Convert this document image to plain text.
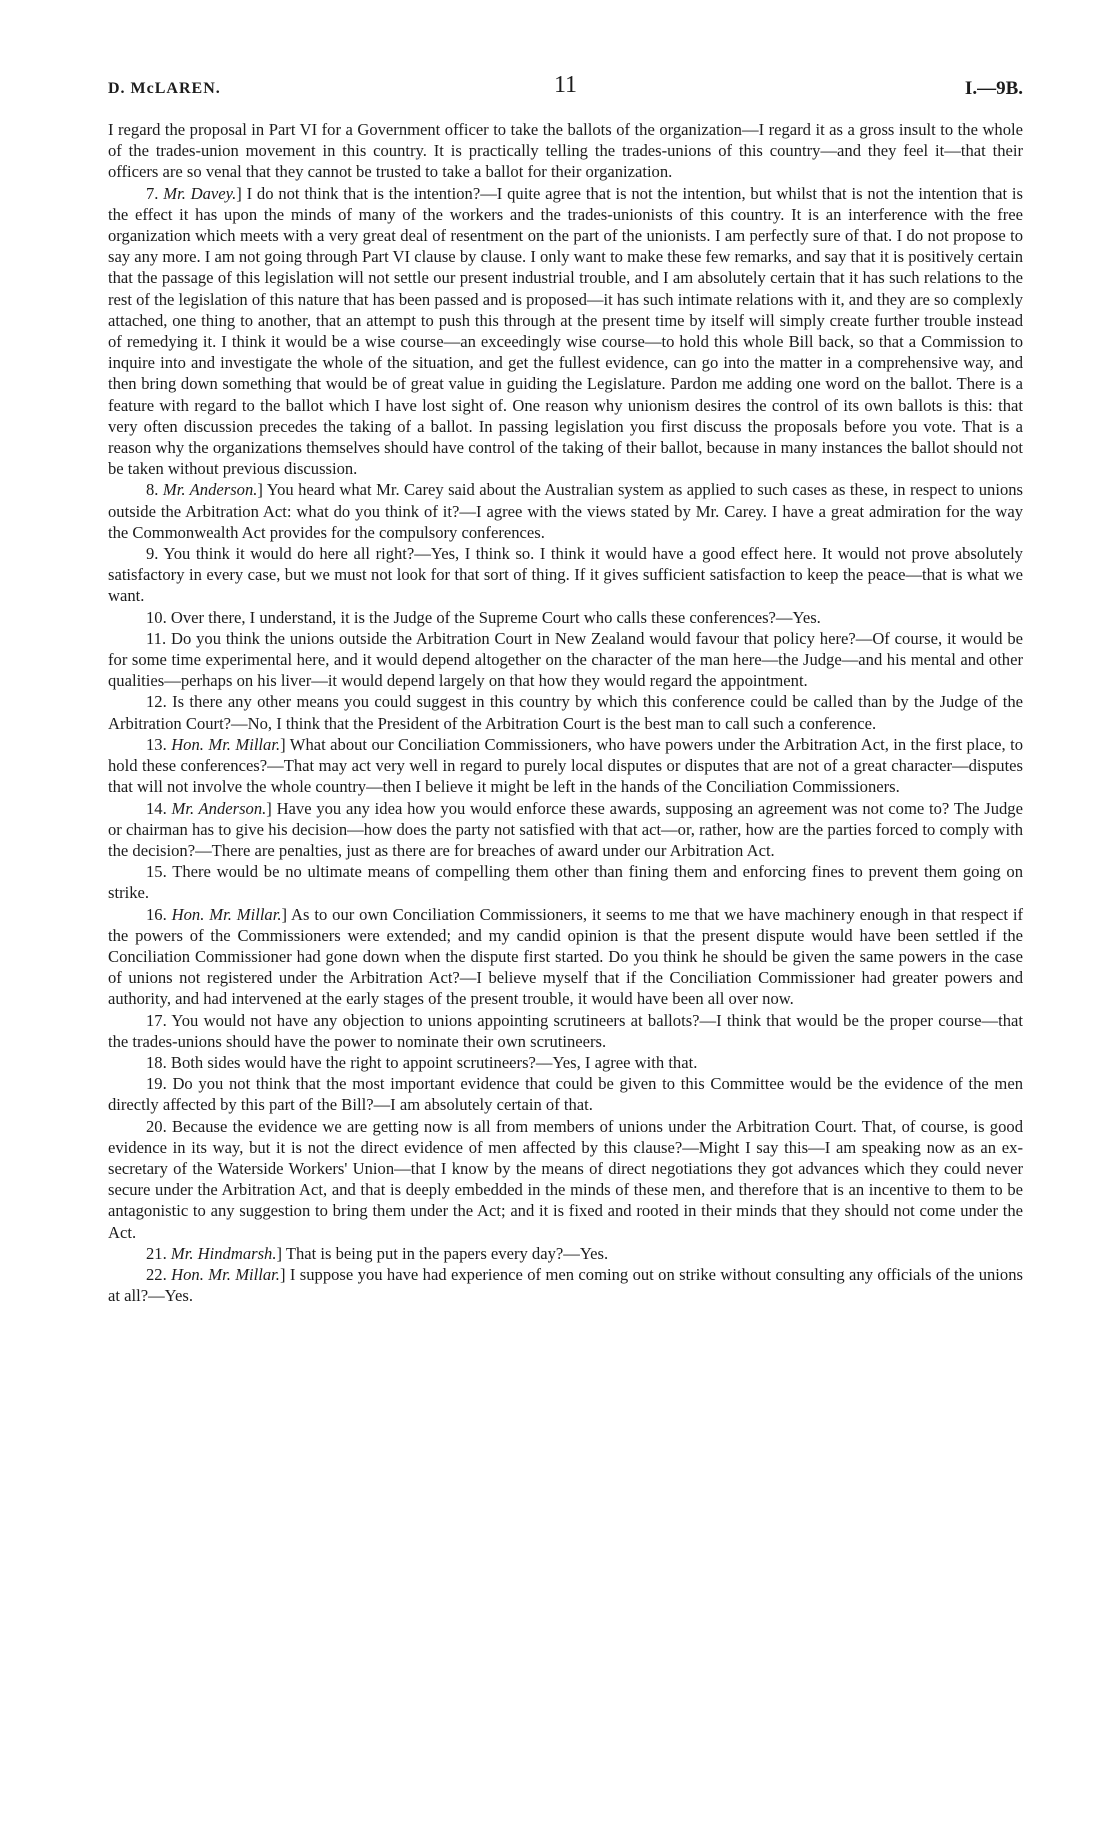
D. McLAREN.	11	I.—9B.

I regard the proposal in Part VI for a Government officer to take the ballots of the organization—I regard it as a gross insult to the whole of the trades-union movement in this country. It is practically telling the trades-unions of this country—and they feel it—that their officers are so venal that they cannot be trusted to take a ballot for their organization.

7. Mr. Davey.] I do not think that is the intention?—I quite agree that is not the intention, but whilst that is not the intention that is the effect it has upon the minds of many of the workers and the trades-unionists of this country. It is an interference with the free organization which meets with a very great deal of resentment on the part of the unionists. I am perfectly sure of that. I do not propose to say any more. I am not going through Part VI clause by clause. I only want to make these few remarks, and say that it is positively certain that the passage of this legislation will not settle our present industrial trouble, and I am absolutely certain that it has such relations to the rest of the legislation of this nature that has been passed and is proposed—it has such intimate relations with it, and they are so complexly attached, one thing to another, that an attempt to push this through at the present time by itself will simply create further trouble instead of remedying it. I think it would be a wise course—an exceedingly wise course—to hold this whole Bill back, so that a Commission to inquire into and investigate the whole of the situation, and get the fullest evidence, can go into the matter in a comprehensive way, and then bring down something that would be of great value in guiding the Legislature. Pardon me adding one word on the ballot. There is a feature with regard to the ballot which I have lost sight of. One reason why unionism desires the control of its own ballots is this: that very often discussion precedes the taking of a ballot. In passing legislation you first discuss the proposals before you vote. That is a reason why the organizations themselves should have control of the taking of their ballot, because in many instances the ballot should not be taken without previous discussion.

8. Mr. Anderson.] You heard what Mr. Carey said about the Australian system as applied to such cases as these, in respect to unions outside the Arbitration Act: what do you think of it?—I agree with the views stated by Mr. Carey. I have a great admiration for the way the Commonwealth Act provides for the compulsory conferences.

9. You think it would do here all right?—Yes, I think so. I think it would have a good effect here. It would not prove absolutely satisfactory in every case, but we must not look for that sort of thing. If it gives sufficient satisfaction to keep the peace—that is what we want.

10. Over there, I understand, it is the Judge of the Supreme Court who calls these conferences?—Yes.

11. Do you think the unions outside the Arbitration Court in New Zealand would favour that policy here?—Of course, it would be for some time experimental here, and it would depend altogether on the character of the man here—the Judge—and his mental and other qualities—perhaps on his liver—it would depend largely on that how they would regard the appointment.

12. Is there any other means you could suggest in this country by which this conference could be called than by the Judge of the Arbitration Court?—No, I think that the President of the Arbitration Court is the best man to call such a conference.

13. Hon. Mr. Millar.] What about our Conciliation Commissioners, who have powers under the Arbitration Act, in the first place, to hold these conferences?—That may act very well in regard to purely local disputes or disputes that are not of a great character—disputes that will not involve the whole country—then I believe it might be left in the hands of the Conciliation Commissioners.

14. Mr. Anderson.] Have you any idea how you would enforce these awards, supposing an agreement was not come to? The Judge or chairman has to give his decision—how does the party not satisfied with that act—or, rather, how are the parties forced to comply with the decision?—There are penalties, just as there are for breaches of award under our Arbitration Act.

15. There would be no ultimate means of compelling them other than fining them and enforcing fines to prevent them going on strike.

16. Hon. Mr. Millar.] As to our own Conciliation Commissioners, it seems to me that we have machinery enough in that respect if the powers of the Commissioners were extended; and my candid opinion is that the present dispute would have been settled if the Conciliation Commissioner had gone down when the dispute first started. Do you think he should be given the same powers in the case of unions not registered under the Arbitration Act?—I believe myself that if the Conciliation Commissioner had greater powers and authority, and had intervened at the early stages of the present trouble, it would have been all over now.

17. You would not have any objection to unions appointing scrutineers at ballots?—I think that would be the proper course—that the trades-unions should have the power to nominate their own scrutineers.

18. Both sides would have the right to appoint scrutineers?—Yes, I agree with that.

19. Do you not think that the most important evidence that could be given to this Committee would be the evidence of the men directly affected by this part of the Bill?—I am absolutely certain of that.

20. Because the evidence we are getting now is all from members of unions under the Arbitration Court. That, of course, is good evidence in its way, but it is not the direct evidence of men affected by this clause?—Might I say this—I am speaking now as an ex-secretary of the Waterside Workers' Union—that I know by the means of direct negotiations they got advances which they could never secure under the Arbitration Act, and that is deeply embedded in the minds of these men, and therefore that is an incentive to them to be antagonistic to any suggestion to bring them under the Act; and it is fixed and rooted in their minds that they should not come under the Act.

21. Mr. Hindmarsh.] That is being put in the papers every day?—Yes.

22. Hon. Mr. Millar.] I suppose you have had experience of men coming out on strike without consulting any officials of the unions at all?—Yes.
